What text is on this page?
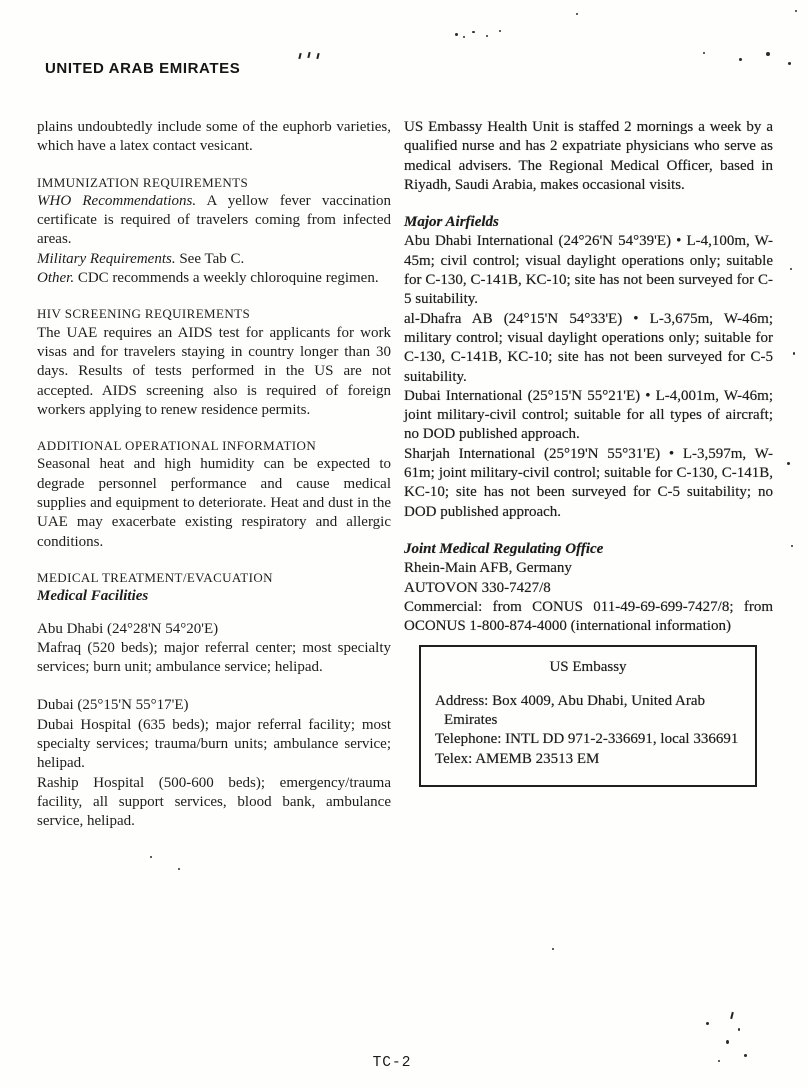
UNITED ARAB EMIRATES
plains undoubtedly include some of the euphorb varieties, which have a latex contact vesicant.
IMMUNIZATION REQUIREMENTS
WHO Recommendations. A yellow fever vaccination certificate is required of travelers coming from infected areas.
Military Requirements. See Tab C.
Other. CDC recommends a weekly chloroquine regimen.
HIV SCREENING REQUIREMENTS
The UAE requires an AIDS test for applicants for work visas and for travelers staying in country longer than 30 days. Results of tests performed in the US are not accepted. AIDS screening also is required of foreign workers applying to renew residence permits.
ADDITIONAL OPERATIONAL INFORMATION
Seasonal heat and high humidity can be expected to degrade personnel performance and cause medical supplies and equipment to deteriorate. Heat and dust in the UAE may exacerbate existing respiratory and allergic conditions.
MEDICAL TREATMENT/EVACUATION
Medical Facilities
Abu Dhabi (24°28'N 54°20'E)
Mafraq (520 beds); major referral center; most specialty services; burn unit; ambulance service; helipad.
Dubai (25°15'N 55°17'E)
Dubai Hospital (635 beds); major referral facility; most specialty services; trauma/burn units; ambulance service; helipad.
Raship Hospital (500-600 beds); emergency/trauma facility, all support services, blood bank, ambulance service, helipad.
US Embassy Health Unit is staffed 2 mornings a week by a qualified nurse and has 2 expatriate physicians who serve as medical advisers. The Regional Medical Officer, based in Riyadh, Saudi Arabia, makes occasional visits.
Major Airfields
Abu Dhabi International (24°26'N 54°39'E) • L-4,100m, W-45m; civil control; visual daylight operations only; suitable for C-130, C-141B, KC-10; site has not been surveyed for C-5 suitability.
al-Dhafra AB (24°15'N 54°33'E) • L-3,675m, W-46m; military control; visual daylight operations only; suitable for C-130, C-141B, KC-10; site has not been surveyed for C-5 suitability.
Dubai International (25°15'N 55°21'E) • L-4,001m, W-46m; joint military-civil control; suitable for all types of aircraft; no DOD published approach.
Sharjah International (25°19'N 55°31'E) • L-3,597m, W-61m; joint military-civil control; suitable for C-130, C-141B, KC-10; site has not been surveyed for C-5 suitability; no DOD published approach.
Joint Medical Regulating Office
Rhein-Main AFB, Germany
AUTOVON 330-7427/8
Commercial: from CONUS 011-49-69-699-7427/8; from OCONUS 1-800-874-4000 (international information)
US Embassy
Address: Box 4009, Abu Dhabi, United Arab Emirates
Telephone: INTL DD 971-2-336691, local 336691
Telex: AMEMB 23513 EM
TC-2
